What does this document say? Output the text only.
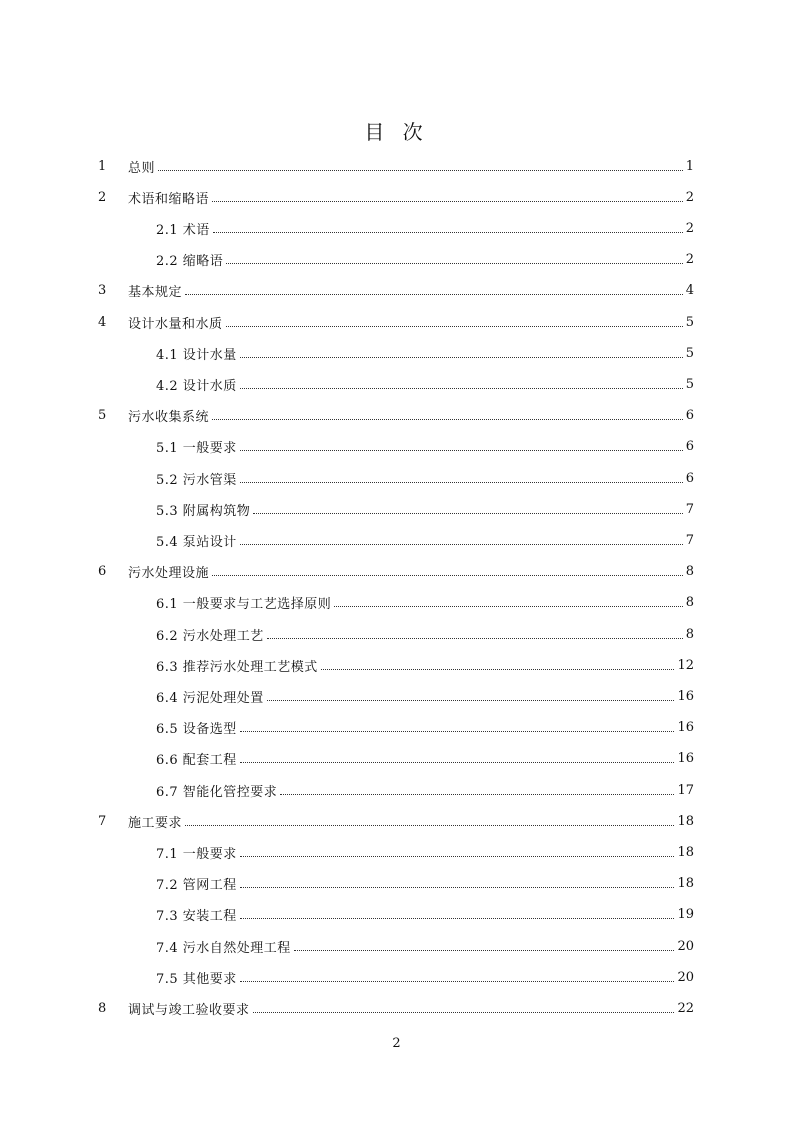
目 次
1	总则	1
2	术语和缩略语	2
2.1 术语	2
2.2 缩略语	2
3	基本规定	4
4	设计水量和水质	5
4.1 设计水量	5
4.2 设计水质	5
5	污水收集系统	6
5.1 一般要求	6
5.2 污水管渠	6
5.3 附属构筑物	7
5.4 泵站设计	7
6	污水处理设施	8
6.1 一般要求与工艺选择原则	8
6.2 污水处理工艺	8
6.3 推荐污水处理工艺模式	12
6.4 污泥处理处置	16
6.5 设备选型	16
6.6 配套工程	16
6.7 智能化管控要求	17
7	施工要求	18
7.1 一般要求	18
7.2 管网工程	18
7.3 安装工程	19
7.4 污水自然处理工程	20
7.5 其他要求	20
8	调试与竣工验收要求	22
2
